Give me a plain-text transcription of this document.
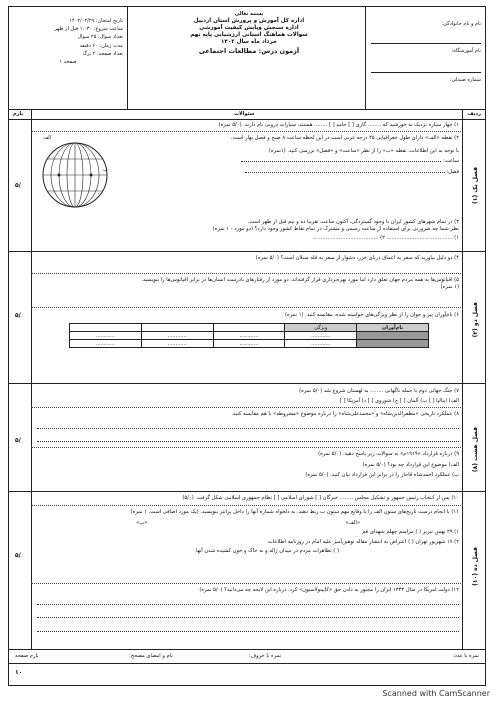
نام و نام خانوادگی:
نام آموزشگاه:
شماره صندلی:
بسمه تعالی
اداره کل آموزش و پرورش استان اردبیل
اداره سنجش وپایش کیفیت آموزشی
سوالات هماهنگ استانی ارزشیابی پایه نهم
خرداد ماه سال ۱۴۰۲
آزمون درس: مطالعات اجتماعی
تاریخ امتحان: ۱۴۰۲/۰۲/۲۹
ساعت شروع: ۱۰:۳۰ قبل از ظهر
تعداد سوال: ۲۵ سوال
مدت زمان: ۶۰ دقیقه
تعداد صفحه: ۲ برگ
صفحه ۱
ردیف
سئوالات
بارم
فصل یک (۱)
۵/
۱) چهار سیاره نزدیک به خورشید که ........ گازی [ ] جامد [ ] ........ هستند، سیارات درونی نام دارند. (۵/۰ نمره)
۲) نقطه «الف» دارای طول جغرافیایی ۴۵ درجه غربی است در این لحظه ساعت ۸ صبح و فصل بهار است.
با توجه به این اطلاعات، نقطه «ب» را از نظر «ساعت» و «فصل» بررسی کنید. (۱نمره)
ساعت:
فصل:
الف
ب
۳) در تمام شهرهای کشور ایران با وجود گستردگی، اکنون ساعت تقریبا ده و نیم قبل از ظهر است.
نظر شما چه ضرورتی برای استفاده از ساعت رسمی و مشترک در تمام نقاط کشور وجود دارد؟ (دو مورد - ۱ نمره)
۱) ........................................ ۲) ........................................
فصل دو (۲)
۵/
۴) دو دلیل بیاورید که سفر به اعماق دریای خزر، دشوار از سفر به قله سبلان است؟ (۵/۰ نمره)
۵) اقیانوس‌ها به همه مردم جهان تعلق دارد اما مورد بهره‌برداری قرار گرفته‌اند. دو مورد از رفتارهای نادرست انسان‌ها در برابر اقیانوس‌ها را بنویسید.
(۱ نمره)
۶) نام‌آوران پیر و جوان را از نظر ویژگی‌های خواسته شده، مقایسه کنید. (۱ نمره)
			ویژگی	نام‌آوران
............	............	............	............	
............	............	............	............	
فصل هشت (۸)
۵/
۷) جنگ جهانی دوم با حمله ناگهانی ........ به لهستان شروع شد (۵/۰ نمره)
الف) ایتالیا [ ] ب) آلمان [ ] ج) شوروی [ ] د) آمریکا [ ]
۸) عملکرد تاریخی «مظفرالدین‌شاه» و «محمدعلی‌شاه» را درباره موضوع «مشروطه» با هم مقایسه کنید.

۹) درباره قرارداد «۱۹۱۹م» به سوالات زیر پاسخ دهید. (۵/۰ نمره)
الف) موضوع این قرارداد چه بود؟ (۵/۰ نمره)
ب) عملکرد احمدشاه قاجار را در برابر این قرارداد بیان کنید. (۵/۰ نمره)
فصل ده (۱۰)
۵/
۱۰) پس از انتخاب رئیس جمهور و تشکیل مجلس ........ خبرگان [ ] شورای اسلامی [ ] نظام جمهوری اسلامی شکل گرفت. (۵/۰)
۱۱) با انجام درست تاریخ‌های ستون الف را با وقایع مهم ستون ب ربط دهید. به دلخواه شماره آنها را داخل پرانتز بنویسید. (یک مورد اضافی است. ۱ نمره)
«الف»
«ب»
۱) ۲۹ بهمن تبریز ( ) مراسم چهلم شهدای قم
۲) ۱۷ شهریور تهران ( ) اعتراض به انتشار مقاله توهین‌آمیز علیه امام در روزنامه اطلاعات
( ) تظاهرات مردم در میدان ژاله و به خاک و خون کشیده شدن آنها
۱۲) دولت امریکا در سال ۱۳۴۳ ایران را مجبور به دادن حق «کاپیتولاسیون» کرد. درباره این لایحه چه می‌دانید؟ (۵/۰ نمره)

نمره با عدد:
نمره با حروف:
نام و امضای مصحح:
بارم صفحه
۱۰
Scanned with CamScanner
